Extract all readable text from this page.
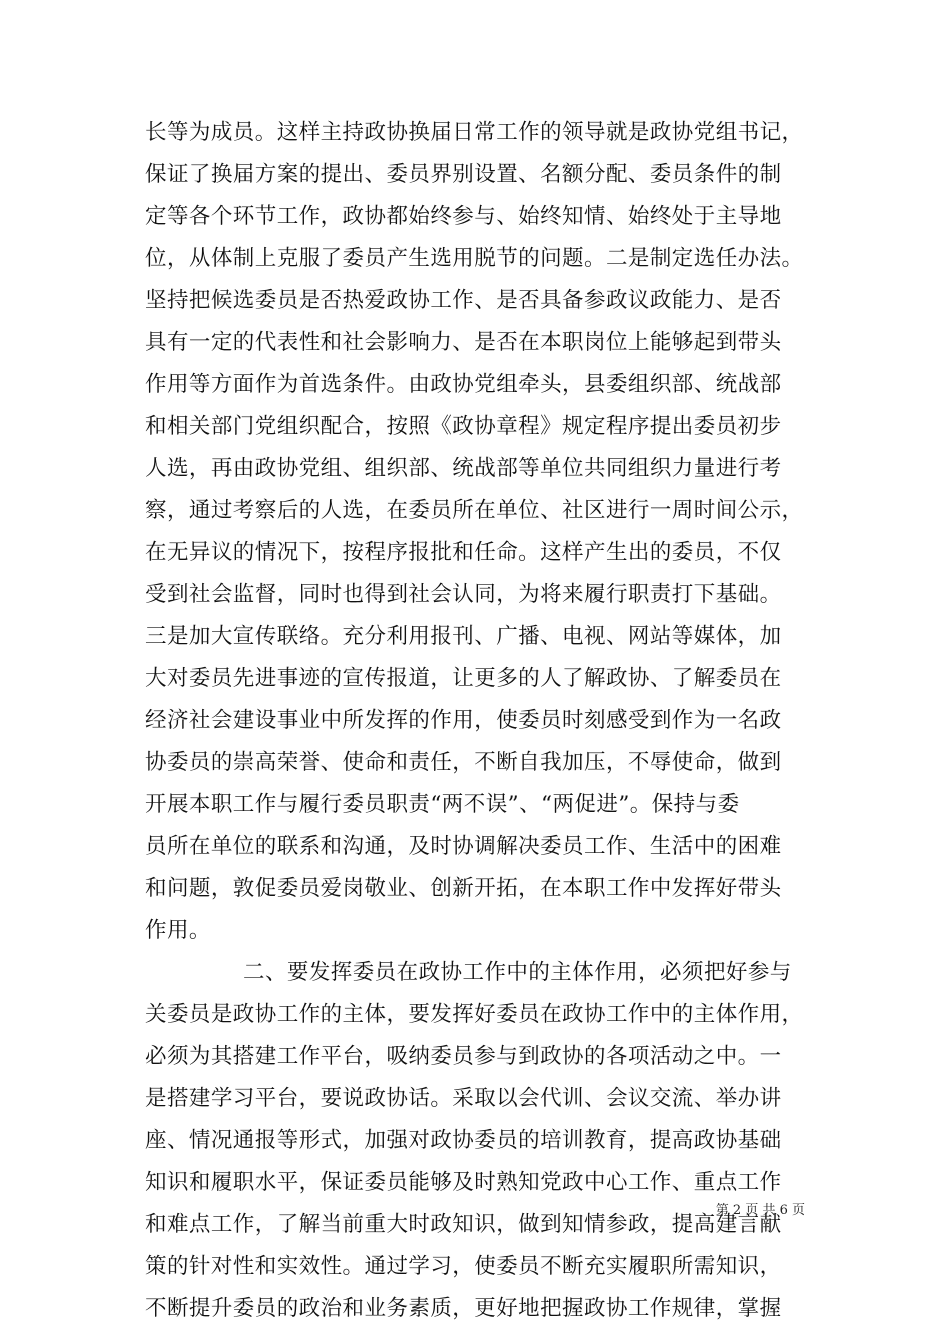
长等为成员。这样主持政协换届日常工作的领导就是政协党组书记，
保证了换届方案的提出、委员界别设置、名额分配、委员条件的制
定等各个环节工作，政协都始终参与、始终知情、始终处于主导地
位，从体制上克服了委员产生选用脱节的问题。二是制定选任办法。
坚持把候选委员是否热爱政协工作、是否具备参政议政能力、是否
具有一定的代表性和社会影响力、是否在本职岗位上能够起到带头
作用等方面作为首选条件。由政协党组牵头，县委组织部、统战部
和相关部门党组织配合，按照《政协章程》规定程序提出委员初步
人选，再由政协党组、组织部、统战部等单位共同组织力量进行考
察，通过考察后的人选，在委员所在单位、社区进行一周时间公示，
在无异议的情况下，按程序报批和任命。这样产生出的委员，不仅
受到社会监督，同时也得到社会认同，为将来履行职责打下基础。
三是加大宣传联络。充分利用报刊、广播、电视、网站等媒体，加
大对委员先进事迹的宣传报道，让更多的人了解政协、了解委员在
经济社会建设事业中所发挥的作用，使委员时刻感受到作为一名政
协委员的崇高荣誉、使命和责任，不断自我加压，不辱使命，做到
开展本职工作与履行委员职责“两不误”、“两促进”。保持与委
员所在单位的联系和沟通，及时协调解决委员工作、生活中的困难
和问题，敦促委员爱岗敬业、创新开拓，在本职工作中发挥好带头
作用。
二、要发挥委员在政协工作中的主体作用，必须把好参与
关委员是政协工作的主体，要发挥好委员在政协工作中的主体作用，
必须为其搭建工作平台，吸纳委员参与到政协的各项活动之中。一
是搭建学习平台，要说政协话。采取以会代训、会议交流、举办讲
座、情况通报等形式，加强对政协委员的培训教育，提高政协基础
知识和履职水平，保证委员能够及时熟知党政中心工作、重点工作
和难点工作，了解当前重大时政知识，做到知情参政，提高建言献
策的针对性和实效性。通过学习，使委员不断充实履职所需知识，
不断提升委员的政治和业务素质，更好地把握政协工作规律，掌握
第 2 页 共 6 页
